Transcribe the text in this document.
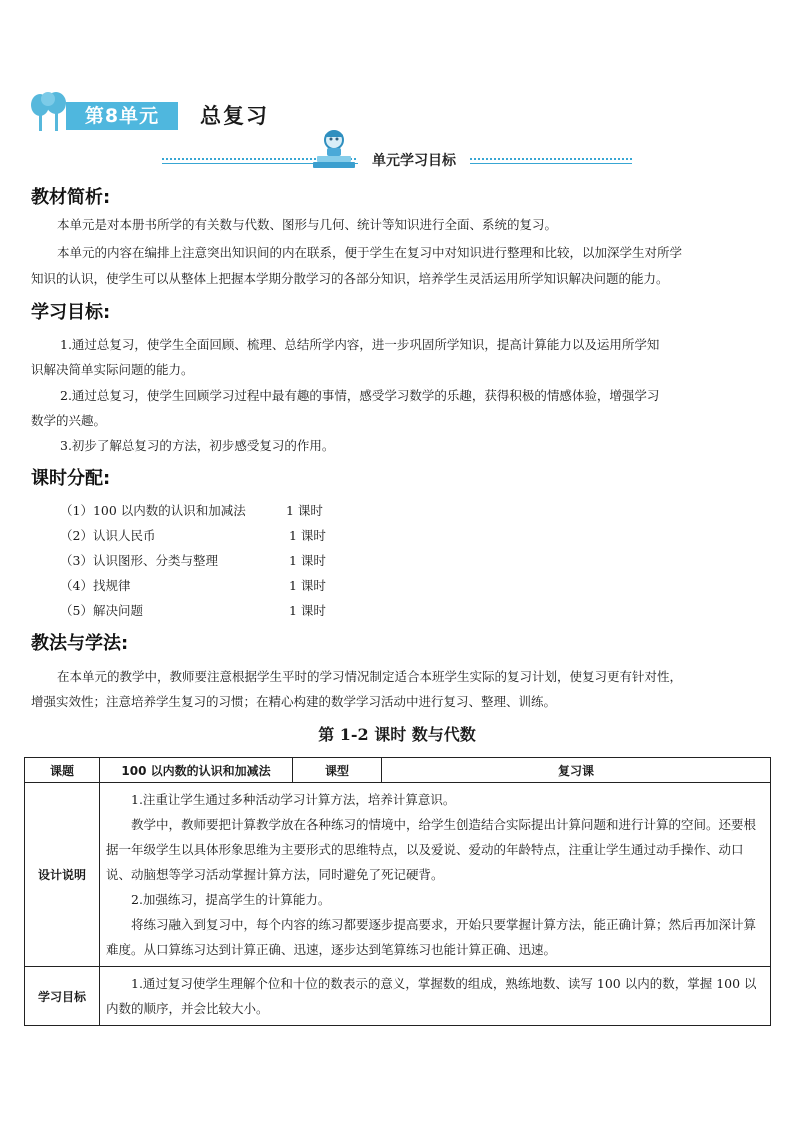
第8单元	总复习
单元学习目标
教材简析:

本单元是对本册书所学的有关数与代数、图形与几何、统计等知识进行全面、系统的复习。

本单元的内容在编排上注意突出知识间的内在联系，便于学生在复习中对知识进行整理和比较，以加深学生对所学

知识的认识，使学生可以从整体上把握本学期分散学习的各部分知识，培养学生灵活运用所学知识解决问题的能力。

学习目标:

1.通过总复习，使学生全面回顾、梳理、总结所学内容，进一步巩固所学知识，提高计算能力以及运用所学知

识解决简单实际问题的能力。

2.通过总复习，使学生回顾学习过程中最有趣的事情，感受学习数学的乐趣，获得积极的情感体验，增强学习

数学的兴趣。

3.初步了解总复习的方法，初步感受复习的作用。

课时分配:
（1）100 以内数的认识和加减法	1 课时
（2）认识人民币	1 课时
（3）认识图形、分类与整理	1 课时
（4）找规律	1 课时
（5）解决问题	1 课时
教法与学法:

在本单元的教学中，教师要注意根据学生平时的学习情况制定适合本班学生实际的复习计划，使复习更有针对性，

增强实效性；注意培养学生复习的习惯；在精心构建的数学学习活动中进行复习、整理、训练。

第 1-2 课时 数与代数
课题	100 以内数的认识和加减法	课型	复习课
设计说明	1.注重让学生通过多种活动学习计算方法，培养计算意识。

教学中，教师要把计算教学放在各种练习的情境中，给学生创造结合实际提出计算问题和进行计算的空间。还要根据一年级学生以具体形象思维为主要形式的思维特点，以及爱说、爱动的年龄特点，注重让学生通过动手操作、动口说、动脑想等学习活动掌握计算方法，同时避免了死记硬背。

2.加强练习，提高学生的计算能力。

将练习融入到复习中，每个内容的练习都要逐步提高要求，开始只要掌握计算方法，能正确计算；然后再加深计算难度。从口算练习达到计算正确、迅速，逐步达到笔算练习也能计算正确、迅速。		

学习目标	1.通过复习使学生理解个位和十位的数表示的意义，掌握数的组成，熟练地数、读写 100 以内的数，掌握 100 以内数的顺序，并会比较大小。		
